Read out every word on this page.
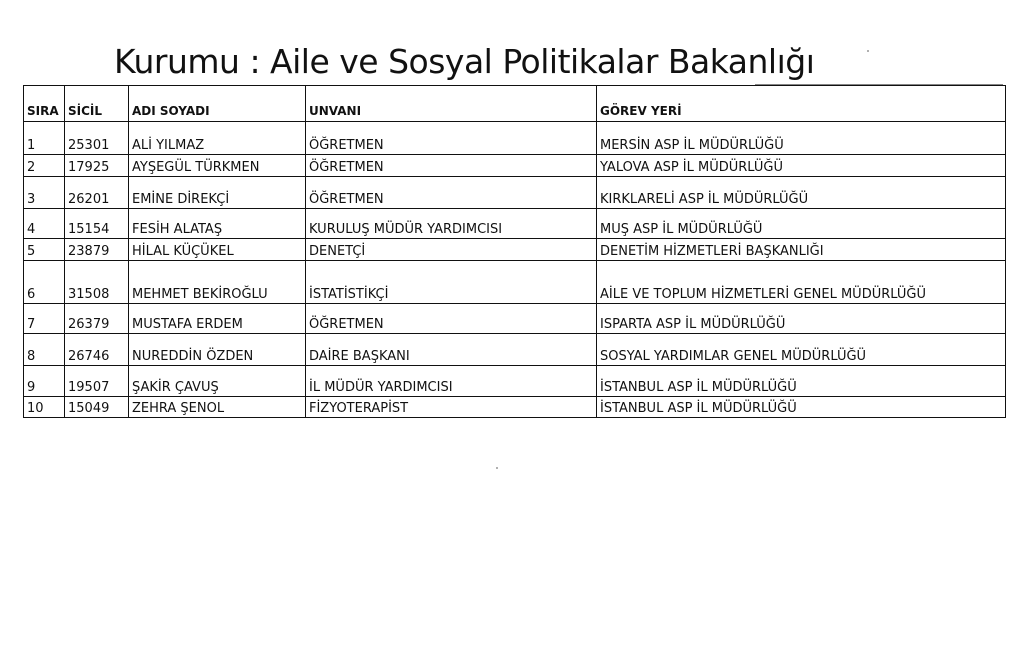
Kurumu : Aile ve Sosyal Politikalar Bakanlığı
SIRA	SİCİL	ADI SOYADI	UNVANI	GÖREV YERİ
1	25301	ALİ YILMAZ	ÖĞRETMEN	MERSİN ASP İL MÜDÜRLÜĞÜ
2	17925	AYŞEGÜL TÜRKMEN	ÖĞRETMEN	YALOVA ASP İL MÜDÜRLÜĞÜ
3	26201	EMİNE DİREKÇİ	ÖĞRETMEN	KIRKLARELİ ASP İL MÜDÜRLÜĞÜ
4	15154	FESİH ALATAŞ	KURULUŞ MÜDÜR YARDIMCISI	MUŞ ASP İL MÜDÜRLÜĞÜ
5	23879	HİLAL KÜÇÜKEL	DENETÇİ	DENETİM HİZMETLERİ BAŞKANLIĞI
6	31508	MEHMET BEKİROĞLU	İSTATİSTİKÇİ	AİLE VE TOPLUM HİZMETLERİ GENEL MÜDÜRLÜĞÜ
7	26379	MUSTAFA ERDEM	ÖĞRETMEN	ISPARTA ASP İL MÜDÜRLÜĞÜ
8	26746	NUREDDİN ÖZDEN	DAİRE BAŞKANI	SOSYAL YARDIMLAR GENEL MÜDÜRLÜĞÜ
9	19507	ŞAKİR ÇAVUŞ	İL MÜDÜR YARDIMCISI	İSTANBUL ASP İL MÜDÜRLÜĞÜ
10	15049	ZEHRA ŞENOL	FİZYOTERAPİST	İSTANBUL ASP İL MÜDÜRLÜĞÜ
